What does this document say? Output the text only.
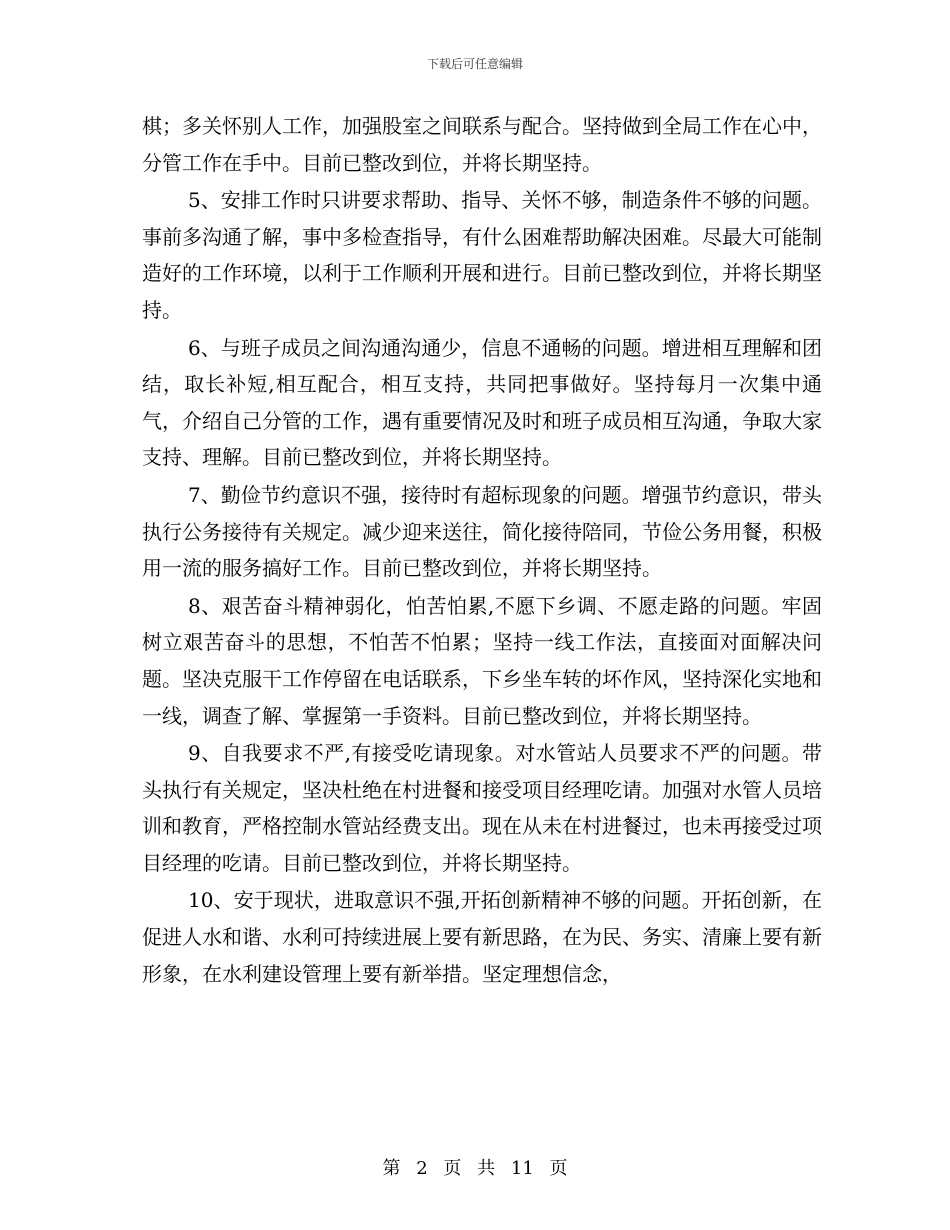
下载后可任意编辑

棋；多关怀别人工作，加强股室之间联系与配合。坚持做到全局工作在心中，分管工作在手中。目前已整改到位，并将长期坚持。

5、安排工作时只讲要求帮助、指导、关怀不够，制造条件不够的问题。事前多沟通了解，事中多检查指导，有什么困难帮助解决困难。尽最大可能制造好的工作环境，以利于工作顺利开展和进行。目前已整改到位，并将长期坚持。

6、与班子成员之间沟通沟通少，信息不通畅的问题。增进相互理解和团结，取长补短,相互配合，相互支持，共同把事做好。坚持每月一次集中通气，介绍自己分管的工作，遇有重要情况及时和班子成员相互沟通，争取大家支持、理解。目前已整改到位，并将长期坚持。

7、勤俭节约意识不强，接待时有超标现象的问题。增强节约意识，带头执行公务接待有关规定。减少迎来送往，简化接待陪同，节俭公务用餐，积极用一流的服务搞好工作。目前已整改到位，并将长期坚持。

8、艰苦奋斗精神弱化，怕苦怕累,不愿下乡调、不愿走路的问题。牢固树立艰苦奋斗的思想，不怕苦不怕累；坚持一线工作法，直接面对面解决问题。坚决克服干工作停留在电话联系，下乡坐车转的坏作风，坚持深化实地和一线，调查了解、掌握第一手资料。目前已整改到位，并将长期坚持。

9、自我要求不严,有接受吃请现象。对水管站人员要求不严的问题。带头执行有关规定，坚决杜绝在村进餐和接受项目经理吃请。加强对水管人员培训和教育，严格控制水管站经费支出。现在从未在村进餐过，也未再接受过项目经理的吃请。目前已整改到位，并将长期坚持。

10、安于现状，进取意识不强,开拓创新精神不够的问题。开拓创新，在促进人水和谐、水利可持续进展上要有新思路，在为民、务实、清廉上要有新形象，在水利建设管理上要有新举措。坚定理想信念，

第 2 页 共 11 页
